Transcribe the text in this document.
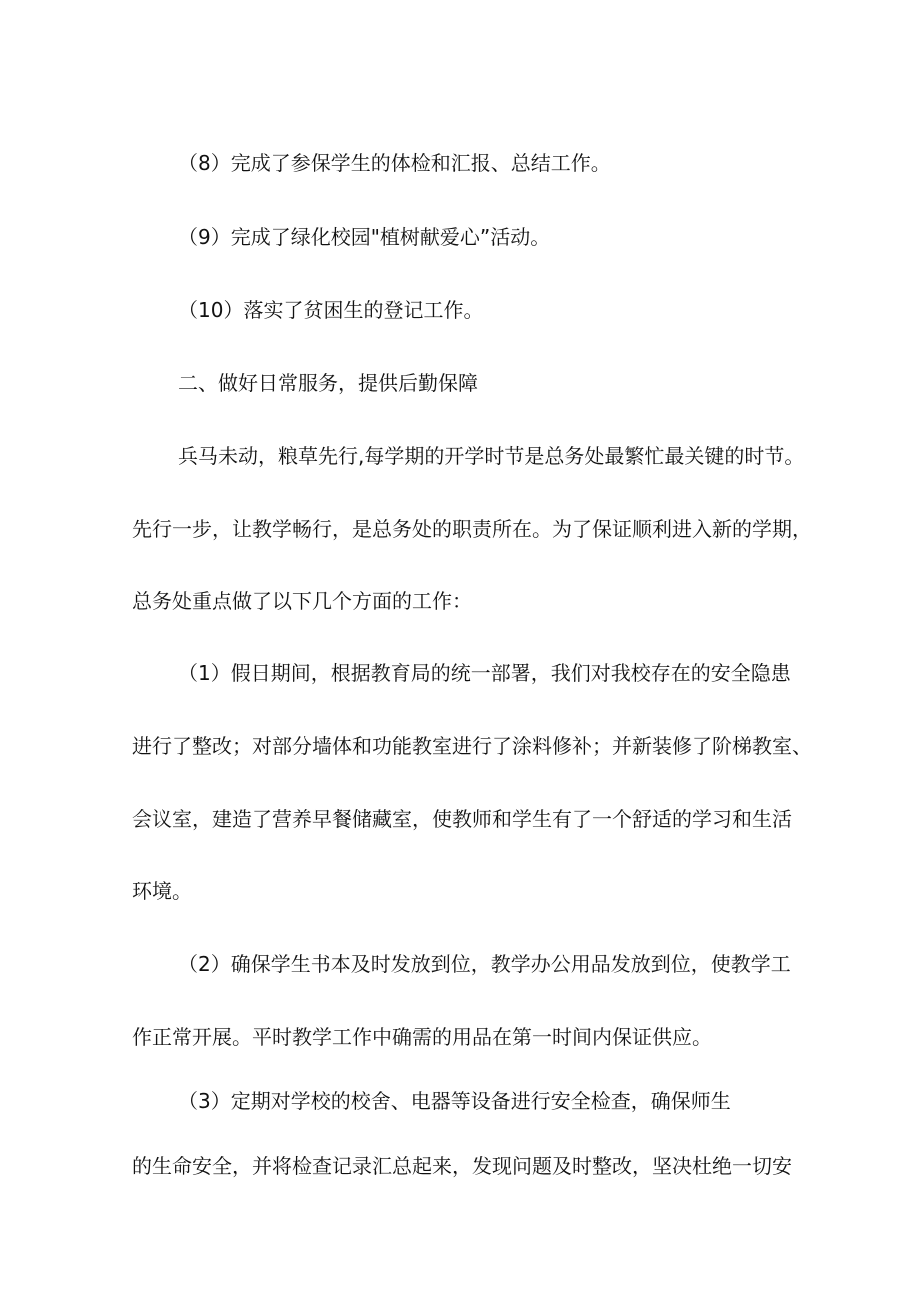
（8）完成了参保学生的体检和汇报、总结工作。

（9）完成了绿化校园"植树献爱心”活动。

（10）落实了贫困生的登记工作。

二、做好日常服务，提供后勤保障

兵马未动，粮草先行,每学期的开学时节是总务处最繁忙最关键的时节。

先行一步，让教学畅行，是总务处的职责所在。为了保证顺利进入新的学期，

总务处重点做了以下几个方面的工作：

（1）假日期间，根据教育局的统一部署，我们对我校存在的安全隐患

进行了整改；对部分墙体和功能教室进行了涂料修补；并新装修了阶梯教室、

会议室，建造了营养早餐储藏室，使教师和学生有了一个舒适的学习和生活

环境。

（2）确保学生书本及时发放到位，教学办公用品发放到位，使教学工

作正常开展。平时教学工作中确需的用品在第一时间内保证供应。

（3）定期对学校的校舍、电器等设备进行安全检查，确保师生

的生命安全，并将检查记录汇总起来，发现问题及时整改，坚决杜绝一切安
